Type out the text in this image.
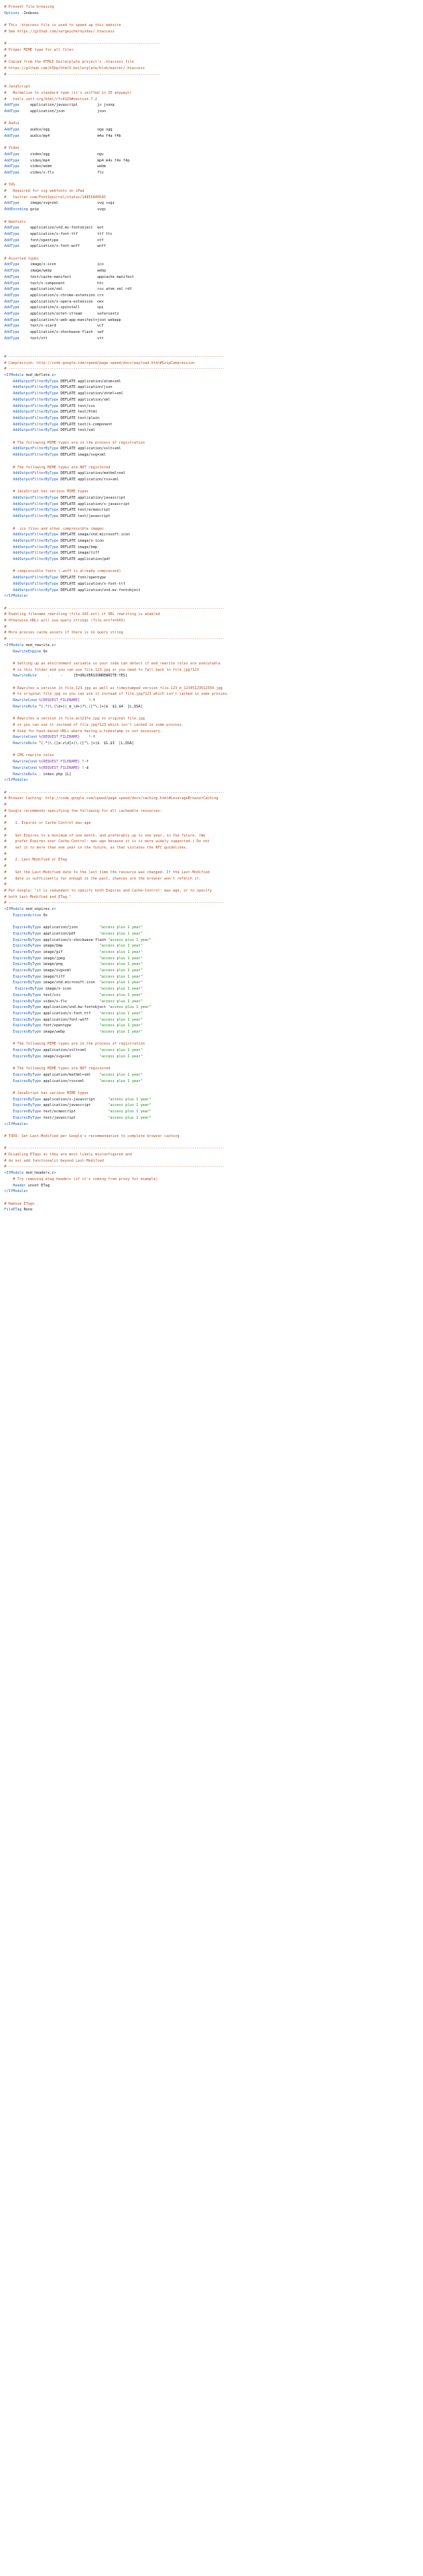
# Prevent file browsing
Options -Indexes
# This .htaccess file is used to speed up this website
# See https://github.com/sergeychernyshev/.htaccess
# ----------------------------------------------------------------------
# Proper MIME type for all files
#
# Copied from the HTML5 boilerplate project's .htaccess file
# https://github.com/h5bp/html5-boilerplate/blob/master/.htaccess
# ----------------------------------------------------------------------
# JavaScript
#   Normalize to standard type (it's sniffed in IE anyways)
#   tools.ietf.org/html/rfc4329#section-7.2
AddType     application/javascript         js jsonp
AddType     application/json               json
# Audio
AddType     audio/ogg                      oga ogg
AddType     audio/mp4                      m4a f4a f4b
# Video
AddType     video/ogg                      ogv
AddType     video/mp4                      mp4 m4v f4v f4p
AddType     video/webm                     webm
AddType     video/x-flv                    flv
# SVG
#   Required for svg webfonts on iPad
#   twitter.com/FontSquirrel/status/14855840545
AddType     image/svg+xml                  svg svgz
AddEncoding gzip                           svgz
# Webfonts
AddType     application/vnd.ms-fontobject  eot
AddType     application/x-font-ttf         ttf ttc
AddType     font/opentype                  otf
AddType     application/x-font-woff        woff
# Assorted types
AddType     image/x-icon                   ico
AddType     image/webp                     webp
AddType     text/cache-manifest            appcache manifest
AddType     text/x-component               htc
AddType     application/xml                rss atom xml rdf
AddType     application/x-chrome-extension crx
AddType     application/x-opera-extension  oex
AddType     application/x-xpinstall        xpi
AddType     application/octet-stream       safariextz
AddType     application/x-web-app-manifest+json webapp
AddType     text/x-vcard                   vcf
AddType     application/x-shockwave-flash  swf
AddType     text/vtt                       vtt
# ----------------------------------------------------------------------------------------------------
# Compression: http://code.google.com/speed/page-speed/docs/payload.html#GzipCompression
# ----------------------------------------------------------------------------------------------------
<IfModule mod_deflate.c>
AddOutputFilterByType DEFLATE application/atom+xml
AddOutputFilterByType DEFLATE application/json
AddOutputFilterByType DEFLATE application/xhtml+xml
AddOutputFilterByType DEFLATE application/xml
AddOutputFilterByType DEFLATE text/css
AddOutputFilterByType DEFLATE text/html
AddOutputFilterByType DEFLATE text/plain
AddOutputFilterByType DEFLATE text/x-component
AddOutputFilterByType DEFLATE text/xml
# The following MIME types are in the process of registration
AddOutputFilterByType DEFLATE application/xslt+xml
AddOutputFilterByType DEFLATE image/svg+xml
# The following MIME types are NOT registered
AddOutputFilterByType DEFLATE application/mathml+xml
AddOutputFilterByType DEFLATE application/rss+xml
# JavaScript has various MIME types
AddOutputFilterByType DEFLATE application/javascript
AddOutputFilterByType DEFLATE application/x-javascript
AddOutputFilterByType DEFLATE text/ecmascript
AddOutputFilterByType DEFLATE text/javascript
# .ico files and other compressible images
AddOutputFilterByType DEFLATE image/vnd.microsoft.icon
AddOutputFilterByType DEFLATE image/x-icon
AddOutputFilterByType DEFLATE image/bmp
AddOutputFilterByType DEFLATE image/tiff
AddOutputFilterByType DEFLATE application/pdf
# compressible fonts (.woff is already compressed)
AddOutputFilterByType DEFLATE font/opentype
AddOutputFilterByType DEFLATE application/x-font-ttf
AddOutputFilterByType DEFLATE application/vnd.ms-fontobject
</IfModule>
# ----------------------------------------------------------------------------------------------------
# Enabling filename rewriting (file.XXX.ext) if URL rewriting is enabled
# Otherwise URLs will use query strings (file.ext?v=XXX)
#
# More proxies cache assets if there is no query string
# ----------------------------------------------------------------------------------------------------
<IfModule mod_rewrite.c>
RewriteEngine On
# Setting up an environment variable so your code can detect if mod_rewrite rules are executable
# in this folder and you can use file.123.jpg or you need to fall back to file.jpg?123
RewriteRule     .     -     [E=URLVERSIONREWRITE:YES]
# Rewrites a version in file.123.jpg as well as timestamped version file.123_m_12345123512354.jpg
# to original file.jpg so you can use it instead of file.jpg?123 which isn't cached in some proxies.
RewriteCond %{REQUEST_FILENAME}    !-f
RewriteRule ^(.*)\.(\d+)(_m_\d+)?\.([^\.]+)$  $1.$4  [L,QSA]
# Rewrites a version in file.ac123fe.jpg to original file.jpg
# so you can use it instead of file.jpg?123 which isn't cached in some proxies.
# Used for hash-based URLs where having a timestamp is not necessary.
RewriteCond %{REQUEST_FILENAME}    !-f
RewriteRule ^(.*)\.([a-z\d]+)\.([^\.]+)$  $1.$3  [L,QSA]
# CMS rewrite rules
RewriteCond %{REQUEST_FILENAME} !-f
RewriteCond %{REQUEST_FILENAME} !-d
RewriteRule . index.php [L]
</IfModule>
# ----------------------------------------------------------------------------------------------------
# Browser Caching: http://code.google.com/speed/page-speed/docs/caching.html#LeverageBrowserCaching
#
# Google recommends specifying the following for all cacheable resources:
#
#    1. Expires or Cache-Control max-age
#
#    Set Expires to a minimum of one month, and preferably up to one year, in the future. (We
#    prefer Expires over Cache-Control: max-age because it is is more widely supported.) Do not
#    set it to more than one year in the future, as that violates the RFC guidelines.
#
#    2. Last-Modified or ETag
#
#    Set the Last-Modified date to the last time the resource was changed. If the Last-Modified
#    date is sufficiently far enough in the past, chances are the browser won't refetch it.
#
# Per Google: "it is redundant to specify both Expires and Cache-Control: max-age, or to specify
# both Last-Modified and ETag."
# ----------------------------------------------------------------------------------------------------
<IfModule mod_expires.c>
ExpiresActive On
ExpiresByType application/json          "access plus 1 year"
ExpiresByType application/pdf           "access plus 1 year"
ExpiresByType application/x-shockwave-flash "access plus 1 year"
ExpiresByType image/bmp                 "access plus 1 year"
ExpiresByType image/gif                 "access plus 1 year"
ExpiresByType image/jpeg                "access plus 1 year"
ExpiresByType image/png                 "access plus 1 year"
ExpiresByType image/svg+xml             "access plus 1 year"
ExpiresByType image/tiff                "access plus 1 year"
ExpiresByType image/vnd.microsoft.icon  "access plus 1 year"
ExpiresByType image/x-icon             "access plus 1 year"
ExpiresByType text/css                  "access plus 1 year"
ExpiresByType video/x-flv               "access plus 1 year"
ExpiresByType application/vnd.bw-fontobject "access plus 1 year"
ExpiresByType application/x-font-ttf    "access plus 1 year"
ExpiresByType application/font-woff     "access plus 1 year"
ExpiresByType font/opentype             "access plus 1 year"
ExpiresByType image/webp                "access plus 1 year"
# The following MIME types are in the process of registration
ExpiresByType application/xslt+xml      "access plus 1 year"
ExpiresByType image/svg+xml             "access plus 1 year"
# The following MIME types are NOT registered
ExpiresByType application/mathml+xml    "access plus 1 year"
ExpiresByType application/rss+xml       "access plus 1 year"
# JavaScript has various MIME types
ExpiresByType application/x-javascript      "access plus 1 year"
ExpiresByType application/javascript        "access plus 1 year"
ExpiresByType text/ecmascript               "access plus 1 year"
ExpiresByType text/javascript               "access plus 1 year"
</IfModule>
# TODO: Set Last-Modified per Google's recommendation to complete browser caching
# ----------------------------------------------------------------------------------------------------
# Disabling ETags as they are most likely misconfigured and
# do not add functionalit beyond Last-Modified
# ----------------------------------------------------------------------------------------------------
<IfModule mod_headers.c>
# Try removing etag headers (if it's coming from proxy for example)
Header unset ETag
</IfModule>
# Remove ETags
FileETag None
